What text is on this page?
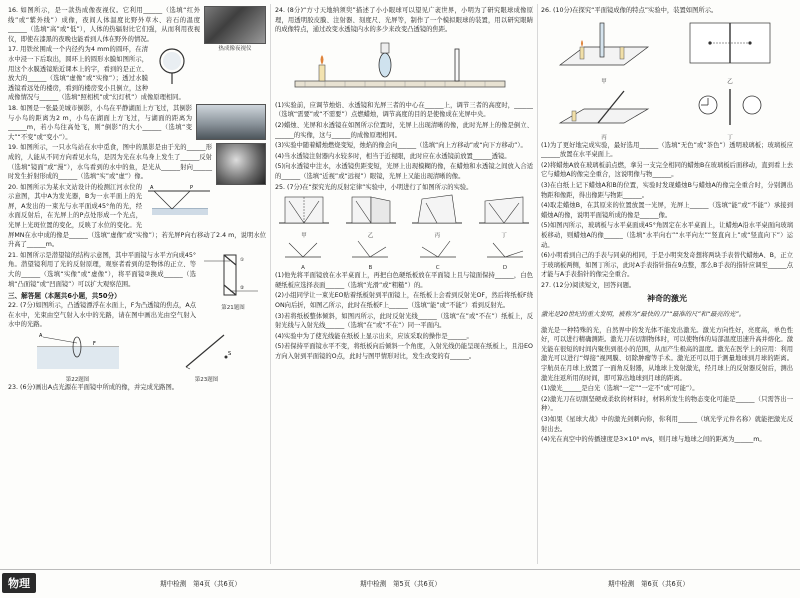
热成像夜视仪

16. 如图所示，是一款热成像夜视仪。它利用______（选填“红外线”或“紫外线”）成像，夜间人体温度比野外草木、岩石的温度______（选填“高”或“低”），人体的热辐射比它们强，从而利用夜视仪，即使在漆黑的夜晚也能看到人体在野外的情况。

17. 用铁丝围成一个内径约为4 mm的圆环，在清水中浸一下后取出，圆环上的圆形水膜如图所示，用这个水膜透镜贴近课本上的字，看到的是正立、放大的______（选填“虚像”或“实像”）；透过水膜透镜看远处的楼房，看到的楼房变小且倒立，这种成像情况与______（选填“照相机”或“幻灯机”）成像原理相同。

18. 如图是一张最美城市倒影，小鸟在平静湖面上方飞过，其倒影与小鸟的距离为2 m，小鸟在湖面上方飞过，与湖面的距离为______m，若小鸟往高处飞，则“倒影”的大小______（选填“变大”“不变”或“变小”）。

19. 如图所示，一只水鸟站在水中觅食，图中的黑影是由于光的______形成的，人能从不同方向看见水鸟，是因为光在水鸟身上发生了______反射（选填“镜面”或“漫”），水鸟看到的水中的鱼，是光从______射向______时发生折射形成的______（选填“实”或“虚”）像。

A	P

20. 如图所示为某水文站设计的检测江河水位的示意图，其中A为发光器，B为一水平面上的光屏，A发出的一束光与水平面成45°角的光，经水面反射后，在光屏上的P点处形成一个光点，光屏上光斑位置的变化，反映了水位的变化。光屏MN在水中成的像是______（选填“虚像”或“实像”）；若光屏P向右移动了2.4 m，说明水位升高了______m。

①
②
第21题图

21. 如图所示是潜望镜的结构示意图，其中平面镜与水平方向成45°角。潜望镜利用了光的反射原理，观察者看到的是物体的正立、等大的______（选填“实像”或“虚像”），将平面镜②换成______（选填“凸面镜”或“凹面镜”）可以扩大观察范围。

三、解答题（本题共6小题，共50分）

22. (7分)如图所示，凸透镜漂浮在水面上，F为凸透镜的焦点，A点在水中，光束由空气射入水中的光路，请在图中画出光由空气射入水中的光路。

A
F
第22题图
S
第23题图

23. (6分)画出A点光源在平面镜中所成的像，并完成光路图。

24. (8分)“方寸天地纳须臾”描述了小小眼球可以望见广袤世界，小明为了研究眼球成像原理，用透明胶皮膜、注射器、刻度尺、光屏等，制作了一个模拟眼球的装置，用以研究眼睛的成像特点，通过改变水透镜内水的多少来改变凸透镜的焦距。

(1)实验前，应调节烛焰、水透镜和光屏三者的中心在______上，调节三者的高度时，______（选填“需要”或“不需要”）点燃蜡烛，调节高度的目的是使像成在光屏中央。

(2)蜡烛、光屏和水透镜在如图所示位置时，光屏上出现清晰的像，此时光屏上的像是倒立、______的实像，这与______的成像原理相同。

(3)实验中随着蜡烛燃烧变短，烛焰的像会向______（选填“向上方移动”或“向下方移动”）。

(4)当水透镜注射器内水较多时，相当于近视眼，此时应在水透镜前放置______透镜。

(5)向水透镜中注水，水透镜焦距变短，光屏上出现模糊的像，在蜡烛和水透镜之间放入合适的______（选填“近视”或“远视”）眼镜，光屏上又能出现清晰的像。

25. (7分)在“探究光的反射定律”实验中，小明进行了如图所示的实验。

甲	乙	丙	丁
A	B	C	D

(1)他先将平面镜放在水平桌面上，再把白色硬纸板放在平面镜上且与镜面保持______，白色硬纸板应选择表面______（选填“光滑”或“粗糙”）的。

(2)小组同学让一束光EO贴着纸板射到平面镜上，在纸板上会看到反射光OF，然后将纸板F绕ON向后折，如图乙所示，此时在纸板F上______（选填“能”或“不能”）看到反射光。

(3)若将纸板整体倾斜，如图丙所示，此时反射光线______（选填“在”或“不在”）纸板上，反射光线与入射光线______（选填“在”或“不在”）同一平面内。

(4)实验中为了使光线能在纸板上显示出来，应该采取的操作是______。

(5)若保持平面镜水平不变，将纸板向后倾斜一个角度，入射光线仍能呈现在纸板上，且沿EO方向入射到平面镜的O点，此时与图甲情形对比，发生改变的有______。

26. (10分)在探究“平面镜成像的特点”实验中，装置如图所示。

甲	乙
丙	丁

(1)为了更好地完成实验，最好选用______（选填“无色”或“茶色”）透明玻璃板；玻璃板应______放置在水平桌面上。

(2)将蜡烛A放在玻璃板前点燃，拿另一支完全相同的蜡烛B在玻璃板后面移动，直到看上去它与蜡烛A的像完全重合，这说明像与物______。

(3)在白纸上记下蜡烛A和B的位置，实验时发现蜡烛B与蜡烛A的像完全重合时，分别测出物距和像距，得出像距与物距______。

(4)取走蜡烛B，在其原来的位置放置一光屏，光屏上______（选填“能”或“不能”）承接到蜡烛A的像，说明平面镜所成的像是______像。

(5)如图丙所示，玻璃板与水平桌面成45°角固定在水平桌面上，让蜡烛A沿水平桌面向玻璃板移动，则蜡烛A的像______（选填“水平向右”“水平向左”“竖直向上”或“竖直向下”）运动。

(6)小明看到自己的手表与同桌的相同，于是小明突发奇想将两块手表替代蜡烛A、B，正立于玻璃板两侧，如图丁所示，此时A手表指针指在9点整，那么B手表的指针应调至______点才能与A手表指针的像完全重合。

27. (12分)阅读短文，回答问题。

神奇的激光

激光是20世纪的重大发明，被称为“最快的刀”“最准的尺”和“最亮的光”。

激光是一种特殊的光，自然界中的发光体不能发出激光。激光方向性好，亮度高，单色性好，可以进行精确测距。激光刀在切割物体时，可以使物体的局部温度迅速升高并熔化。激光能在很短的时间内聚焦到很小的范围，从而产生极高的温度。激光在医学上的应用：利用激光可以进行“焊接”视网膜、切除肿瘤等手术。激光还可以用于测量地球到月球的距离。宇航员在月球上放置了一面角反射器，从地球上发射激光，经月球上的反射器反射后，测出激光往返所用的时间，即可算出地球到月球的距离。

(1)激光______是白光（选填“一定”“一定不”或“可能”）。

(2)激光刀在切割坚硬或柔软的材料时，材料所发生的物态变化可能是______（只需答出一种）。

(3)如果《星球大战》中的激光剑刺向你，你利用______（填光学元件名称）就能把激光反射出去。

(4)光在真空中的传播速度是3×10⁸ m/s，则月球与地球之间的距离为______m。

物理	期中检测　第4页（共6页）	期中检测　第5页（共6页）	期中检测　第6页（共6页）
